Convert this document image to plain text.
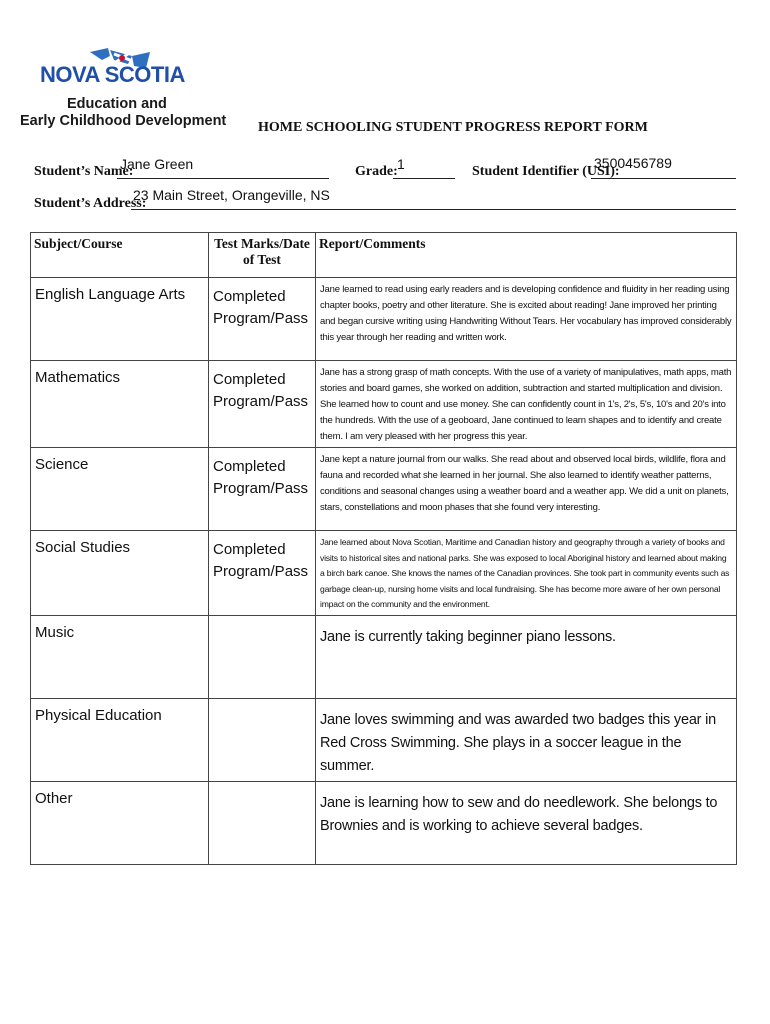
NOVA SCOTIA
Education and
Early Childhood Development HOME SCHOOLING STUDENT PROGRESS REPORT FORM
Student’s Name:
Jane Green	Grade: 1	Student Identifier (USI):
3500456789
Student’s Address:
23 Main Street, Orangeville, NS
Subject/Course	Test Marks/Date of Test	Report/Comments
English Language Arts	Completed Program/Pass	Jane learned to read using early readers and is developing confidence and fluidity in her reading using chapter books, poetry and other literature. She is excited about reading! Jane improved her printing and began cursive writing using Handwriting Without Tears. Her vocabulary has improved considerably this year through her reading and written work.
Mathematics	Completed Program/Pass	Jane has a strong grasp of math concepts. With the use of a variety of manipulatives, math apps, math stories and board games, she worked on addition, subtraction and started multiplication and division. She learned how to count and use money. She can confidently count in 1's, 2's, 5's, 10's and 20's into the hundreds. With the use of a geoboard, Jane continued to learn shapes and to identify and create them. I am very pleased with her progress this year.
Science	Completed Program/Pass	Jane kept a nature journal from our walks. She read about and observed local birds, wildlife, flora and fauna and recorded what she learned in her journal. She also learned to identify weather patterns, conditions and seasonal changes using a weather board and a weather app. We did a unit on planets, stars, constellations and moon phases that she found very interesting.
Social Studies	Completed Program/Pass	Jane learned about Nova Scotian, Maritime and Canadian history and geography through a variety of books and visits to historical sites and national parks. She was exposed to local Aboriginal history and learned about making a birch bark canoe. She knows the names of the Canadian provinces. She took part in community events such as garbage clean-up, nursing home visits and local fundraising. She has become more aware of her own personal impact on the community and the environment.
Music		Jane is currently taking beginner piano lessons.
Physical Education		Jane loves swimming and was awarded two badges this year in Red Cross Swimming. She plays in a soccer league in the summer.
Other		Jane is learning how to sew and do needlework. She belongs to Brownies and is working to achieve several badges.
